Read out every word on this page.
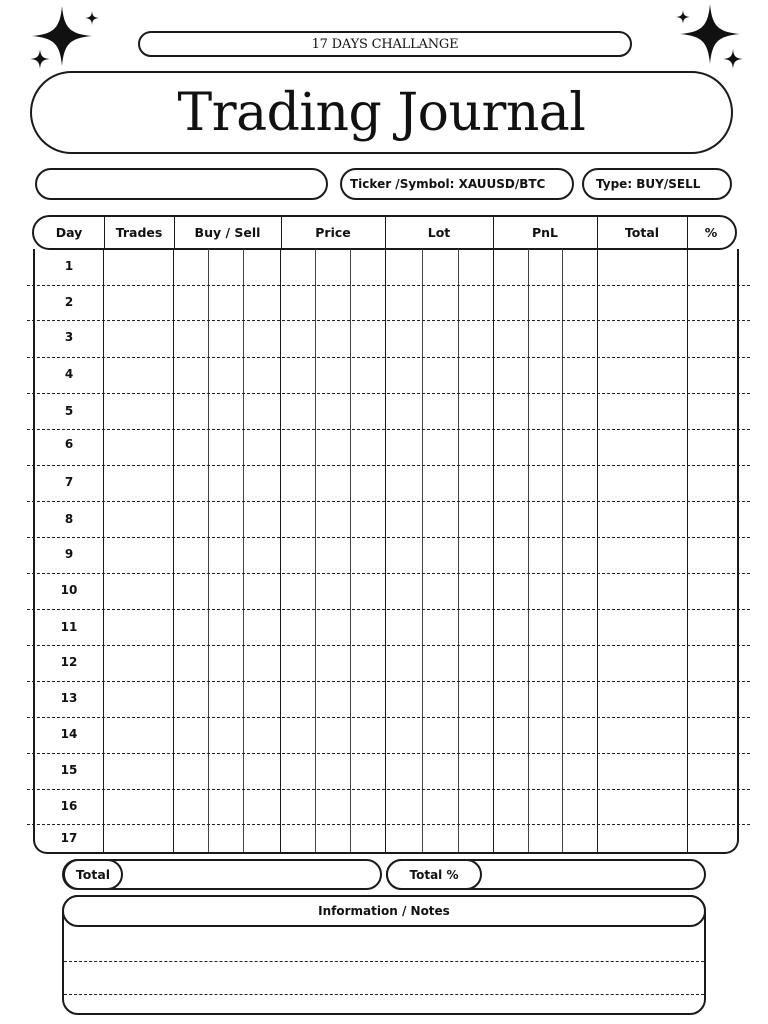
17 DAYS CHALLANGE
Trading Journal
Ticker /Symbol: XAUUSD/BTC	Type: BUY/SELL
Day	Trades	Buy / Sell	Price	Lot	PnL	Total	%
1
2
3
4
5
6
7
8
9
10
11
12
13
14
15
16
17
Total	Total %
Information / Notes
